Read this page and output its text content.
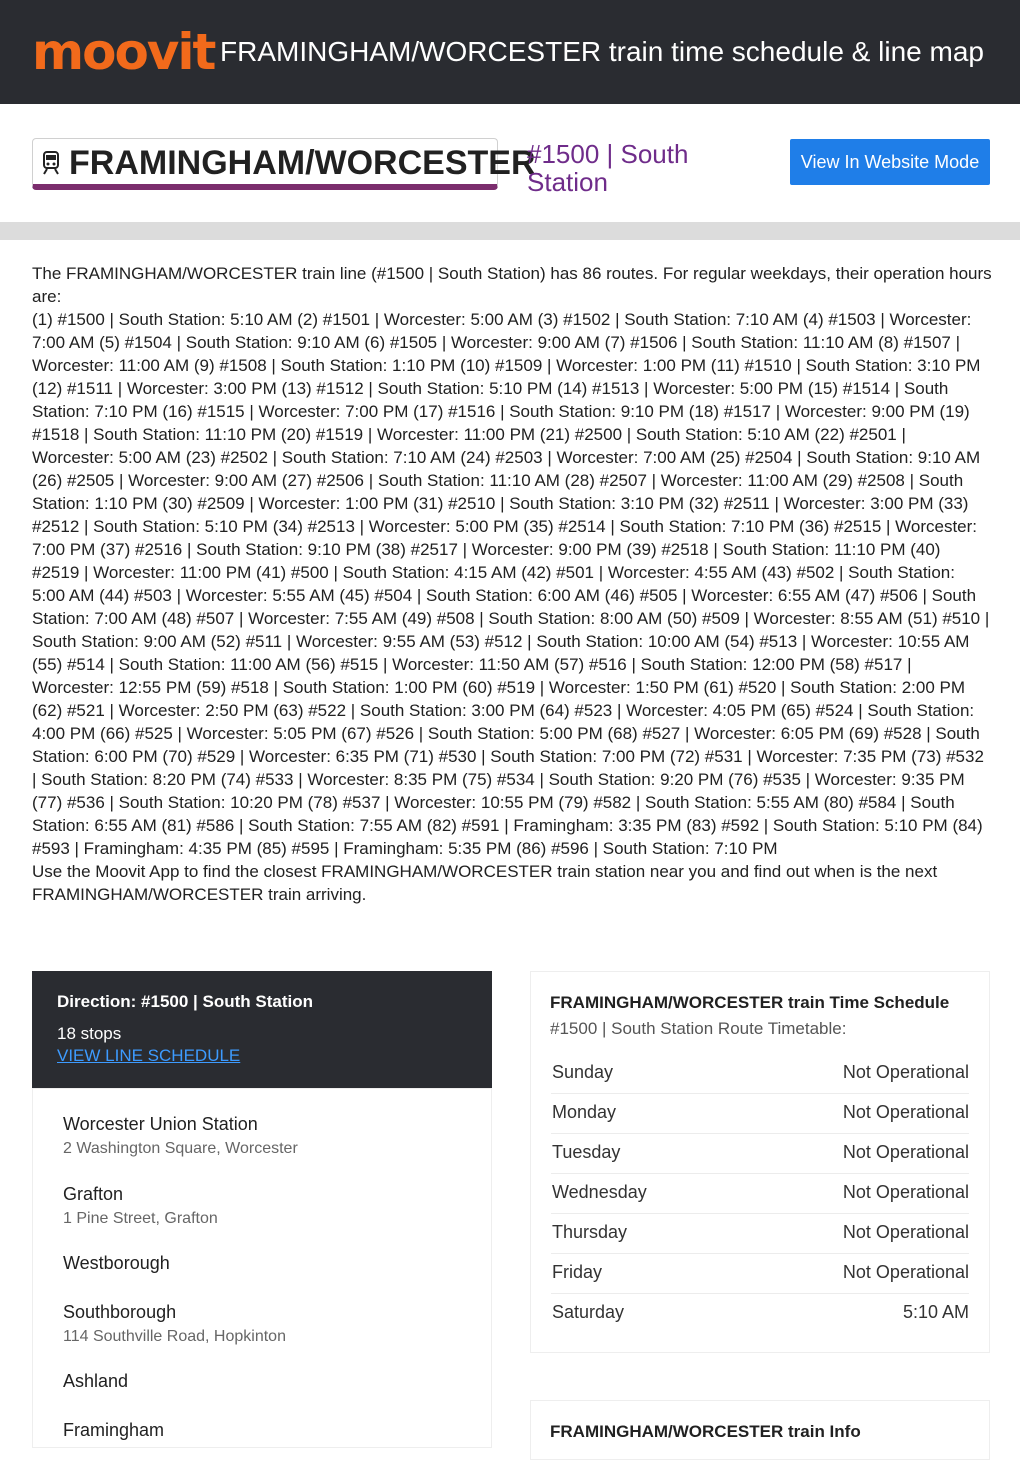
moovit FRAMINGHAM/WORCESTER train time schedule & line map
FRAMINGHAM/WORCESTER
#1500 | South Station
View In Website Mode

The FRAMINGHAM/WORCESTER train line (#1500 | South Station) has 86 routes. For regular weekdays, their operation hours are:

(1) #1500 | South Station: 5:10 AM (2) #1501 | Worcester: 5:00 AM (3) #1502 | South Station: 7:10 AM (4) #1503 | Worcester: 7:00 AM (5) #1504 | South Station: 9:10 AM (6) #1505 | Worcester: 9:00 AM (7) #1506 | South Station: 11:10 AM (8) #1507 | Worcester: 11:00 AM (9) #1508 | South Station: 1:10 PM (10) #1509 | Worcester: 1:00 PM (11) #1510 | South Station: 3:10 PM (12) #1511 | Worcester: 3:00 PM (13) #1512 | South Station: 5:10 PM (14) #1513 | Worcester: 5:00 PM (15) #1514 | South Station: 7:10 PM (16) #1515 | Worcester: 7:00 PM (17) #1516 | South Station: 9:10 PM (18) #1517 | Worcester: 9:00 PM (19) #1518 | South Station: 11:10 PM (20) #1519 | Worcester: 11:00 PM (21) #2500 | South Station: 5:10 AM (22) #2501 | Worcester: 5:00 AM (23) #2502 | South Station: 7:10 AM (24) #2503 | Worcester: 7:00 AM (25) #2504 | South Station: 9:10 AM (26) #2505 | Worcester: 9:00 AM (27) #2506 | South Station: 11:10 AM (28) #2507 | Worcester: 11:00 AM (29) #2508 | South Station: 1:10 PM (30) #2509 | Worcester: 1:00 PM (31) #2510 | South Station: 3:10 PM (32) #2511 | Worcester: 3:00 PM (33) #2512 | South Station: 5:10 PM (34) #2513 | Worcester: 5:00 PM (35) #2514 | South Station: 7:10 PM (36) #2515 | Worcester: 7:00 PM (37) #2516 | South Station: 9:10 PM (38) #2517 | Worcester: 9:00 PM (39) #2518 | South Station: 11:10 PM (40) #2519 | Worcester: 11:00 PM (41) #500 | South Station: 4:15 AM (42) #501 | Worcester: 4:55 AM (43) #502 | South Station: 5:00 AM (44) #503 | Worcester: 5:55 AM (45) #504 | South Station: 6:00 AM (46) #505 | Worcester: 6:55 AM (47) #506 | South Station: 7:00 AM (48) #507 | Worcester: 7:55 AM (49) #508 | South Station: 8:00 AM (50) #509 | Worcester: 8:55 AM (51) #510 | South Station: 9:00 AM (52) #511 | Worcester: 9:55 AM (53) #512 | South Station: 10:00 AM (54) #513 | Worcester: 10:55 AM (55) #514 | South Station: 11:00 AM (56) #515 | Worcester: 11:50 AM (57) #516 | South Station: 12:00 PM (58) #517 | Worcester: 12:55 PM (59) #518 | South Station: 1:00 PM (60) #519 | Worcester: 1:50 PM (61) #520 | South Station: 2:00 PM (62) #521 | Worcester: 2:50 PM (63) #522 | South Station: 3:00 PM (64) #523 | Worcester: 4:05 PM (65) #524 | South Station: 4:00 PM (66) #525 | Worcester: 5:05 PM (67) #526 | South Station: 5:00 PM (68) #527 | Worcester: 6:05 PM (69) #528 | South Station: 6:00 PM (70) #529 | Worcester: 6:35 PM (71) #530 | South Station: 7:00 PM (72) #531 | Worcester: 7:35 PM (73) #532 | South Station: 8:20 PM (74) #533 | Worcester: 8:35 PM (75) #534 | South Station: 9:20 PM (76) #535 | Worcester: 9:35 PM (77) #536 | South Station: 10:20 PM (78) #537 | Worcester: 10:55 PM (79) #582 | South Station: 5:55 AM (80) #584 | South Station: 6:55 AM (81) #586 | South Station: 7:55 AM (82) #591 | Framingham: 3:35 PM (83) #592 | South Station: 5:10 PM (84) #593 | Framingham: 4:35 PM (85) #595 | Framingham: 5:35 PM (86) #596 | South Station: 7:10 PM

Use the Moovit App to find the closest FRAMINGHAM/WORCESTER train station near you and find out when is the next FRAMINGHAM/WORCESTER train arriving.

Direction: #1500 | South Station
18 stops
VIEW LINE SCHEDULE
Worcester Union Station
2 Washington Square, Worcester
Grafton
1 Pine Street, Grafton
Westborough
Southborough
114 Southville Road, Hopkinton
Ashland
Framingham
FRAMINGHAM/WORCESTER train Time Schedule
#1500 | South Station Route Timetable:
Sunday	Not Operational
Monday	Not Operational
Tuesday	Not Operational
Wednesday	Not Operational
Thursday	Not Operational
Friday	Not Operational
Saturday	5:10 AM
FRAMINGHAM/WORCESTER train Info
